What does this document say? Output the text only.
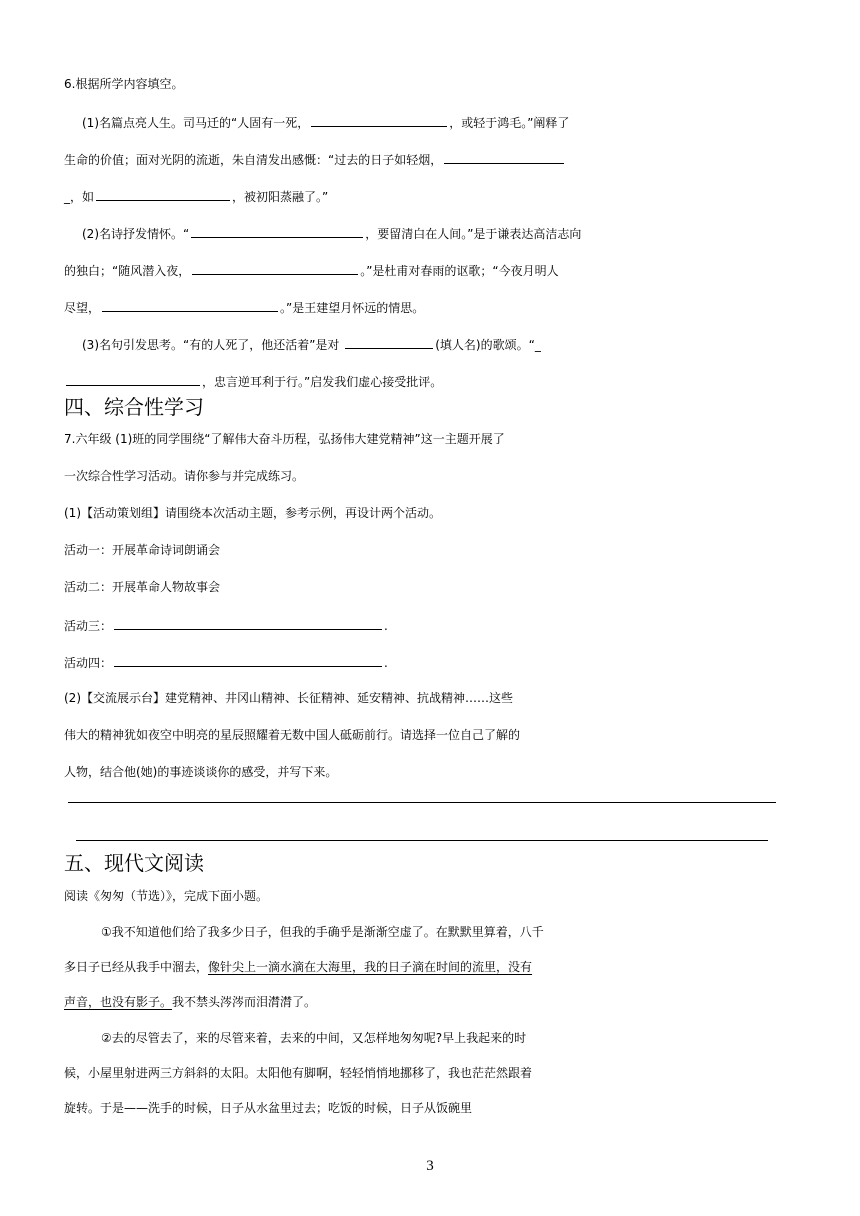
6.根据所学内容填空。
(1)名篇点亮人生。司马迁的“人固有一死，	，或轻于鸿毛。”阐释了
生命的价值；面对光阴的流逝，朱自清发出感慨：“过去的日子如轻烟，
_，如	，被初阳蒸融了。”
(2)名诗抒发情怀。“	，要留清白在人间。”是于谦表达高洁志向
的独白；“随风潜入夜，	。”是杜甫对春雨的讴歌；“今夜月明人
尽望，	。”是王建望月怀远的情思。
(3)名句引发思考。“有的人死了，他还活着”是对	(填人名)的歌颂。“_
，忠言逆耳利于行。”启发我们虚心接受批评。
四、综合性学习
7.六年级 (1)班的同学围绕“了解伟大奋斗历程，弘扬伟大建党精神”这一主题开展了
一次综合性学习活动。请你参与并完成练习。
(1)【活动策划组】请围绕本次活动主题，参考示例，再设计两个活动。
活动一：开展革命诗词朗诵会
活动二：开展革命人物故事会
活动三：	.
活动四：	.
(2)【交流展示台】建党精神、井冈山精神、长征精神、延安精神、抗战精神……这些
伟大的精神犹如夜空中明亮的星辰照耀着无数中国人砥砺前行。请选择一位自己了解的
人物，结合他(她)的事迹谈谈你的感受，并写下来。
五、现代文阅读
阅读《匆匆（节选）》，完成下面小题。
①我不知道他们给了我多少日子，但我的手确乎是渐渐空虚了。在默默里算着，八千
多日子已经从我手中溜去，像针尖上一滴水滴在大海里，我的日子滴在时间的流里，没有
声音，也没有影子。我不禁头涔涔而泪潸潸了。
②去的尽管去了，来的尽管来着，去来的中间，又怎样地匆匆呢?早上我起来的时
候，小屋里射进两三方斜斜的太阳。太阳他有脚啊，轻轻悄悄地挪移了，我也茫茫然跟着
旋转。于是——洗手的时候，日子从水盆里过去；吃饭的时候，日子从饭碗里
3
